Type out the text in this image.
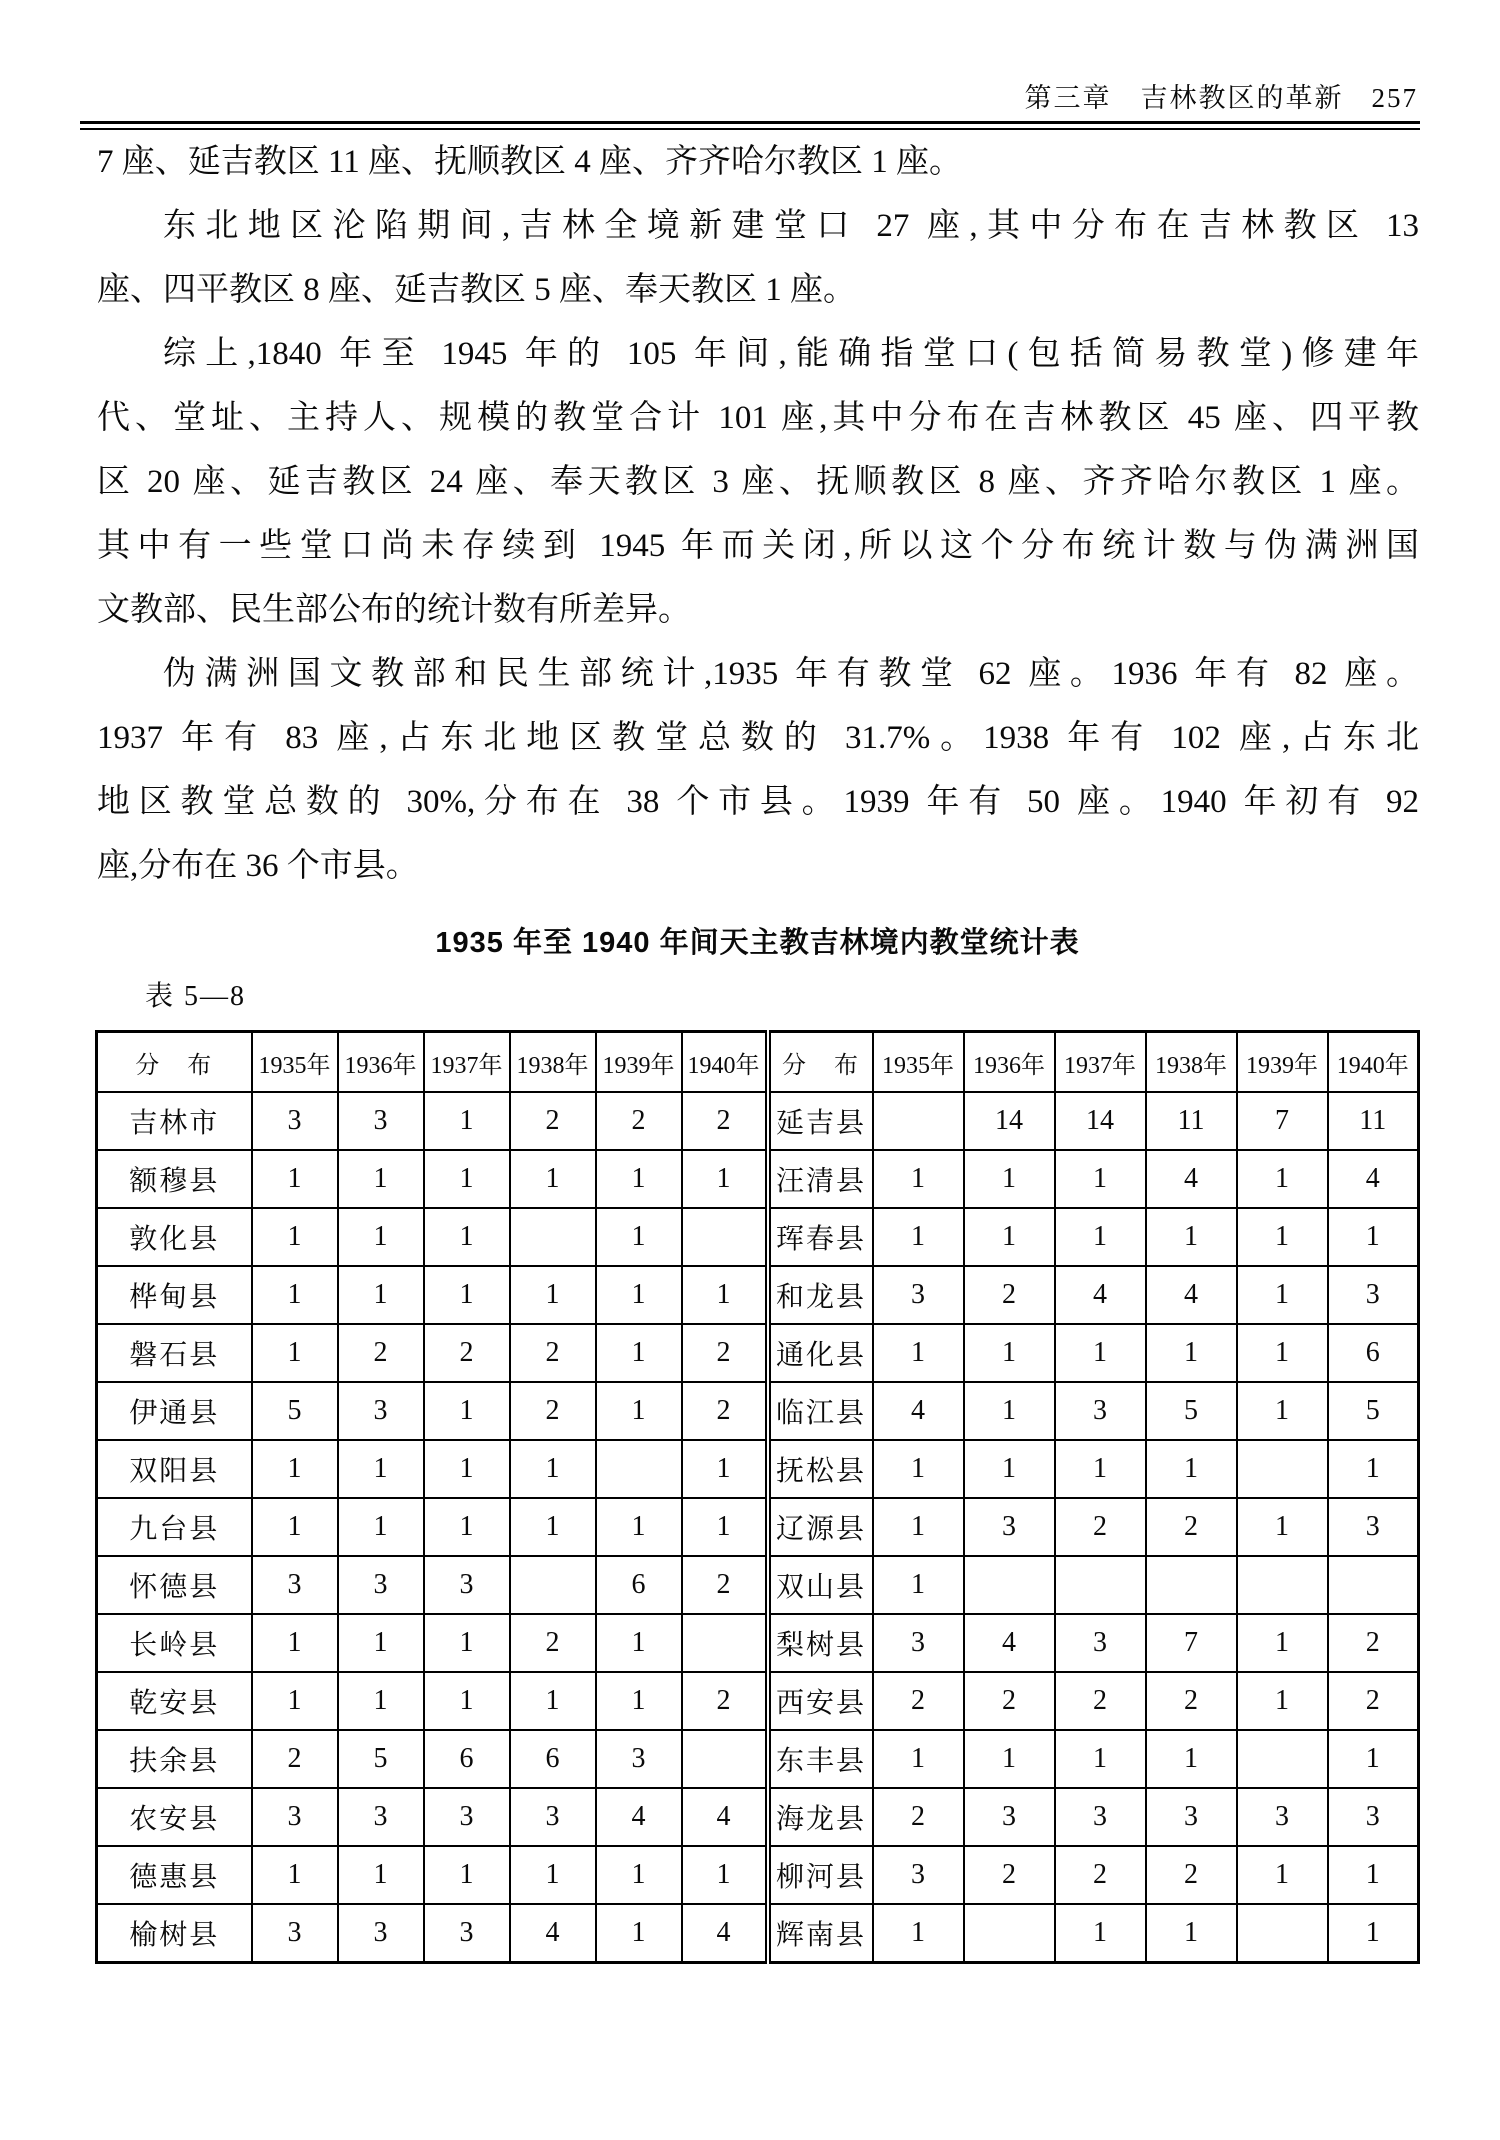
第三章　吉林教区的革新 257
7 座、延吉教区 11 座、抚顺教区 4 座、齐齐哈尔教区 1 座。
东北地区沦陷期间,吉林全境新建堂口 27 座,其中分布在吉林教区 13
座、四平教区 8 座、延吉教区 5 座、奉天教区 1 座。
综上,1840 年至 1945 年的 105 年间,能确指堂口(包括简易教堂)修建年
代、堂址、主持人、规模的教堂合计 101 座,其中分布在吉林教区 45 座、四平教
区 20 座、延吉教区 24 座、奉天教区 3 座、抚顺教区 8 座、齐齐哈尔教区 1 座。
其中有一些堂口尚未存续到 1945 年而关闭,所以这个分布统计数与伪满洲国
文教部、民生部公布的统计数有所差异。
伪满洲国文教部和民生部统计,1935 年有教堂 62 座。1936 年有 82 座。
1937 年有 83 座,占东北地区教堂总数的 31.7%。1938 年有 102 座,占东北
地区教堂总数的 30%,分布在 38 个市县。1939 年有 50 座。1940 年初有 92
座,分布在 36 个市县。
1935 年至 1940 年间天主教吉林境内教堂统计表
表 5—8
分　布	1935年	1936年	1937年	1938年	1939年	1940年	分　布	1935年	1936年	1937年	1938年	1939年	1940年
吉林市	3	3	1	2	2	2	延吉县		14	14	11	7	11
额穆县	1	1	1	1	1	1	汪清县	1	1	1	4	1	4
敦化县	1	1	1		1		珲春县	1	1	1	1	1	1
桦甸县	1	1	1	1	1	1	和龙县	3	2	4	4	1	3
磐石县	1	2	2	2	1	2	通化县	1	1	1	1	1	6
伊通县	5	3	1	2	1	2	临江县	4	1	3	5	1	5
双阳县	1	1	1	1		1	抚松县	1	1	1	1		1
九台县	1	1	1	1	1	1	辽源县	1	3	2	2	1	3
怀德县	3	3	3		6	2	双山县	1					
长岭县	1	1	1	2	1		梨树县	3	4	3	7	1	2
乾安县	1	1	1	1	1	2	西安县	2	2	2	2	1	2
扶余县	2	5	6	6	3		东丰县	1	1	1	1		1
农安县	3	3	3	3	4	4	海龙县	2	3	3	3	3	3
德惠县	1	1	1	1	1	1	柳河县	3	2	2	2	1	1
榆树县	3	3	3	4	1	4	辉南县	1		1	1		1
